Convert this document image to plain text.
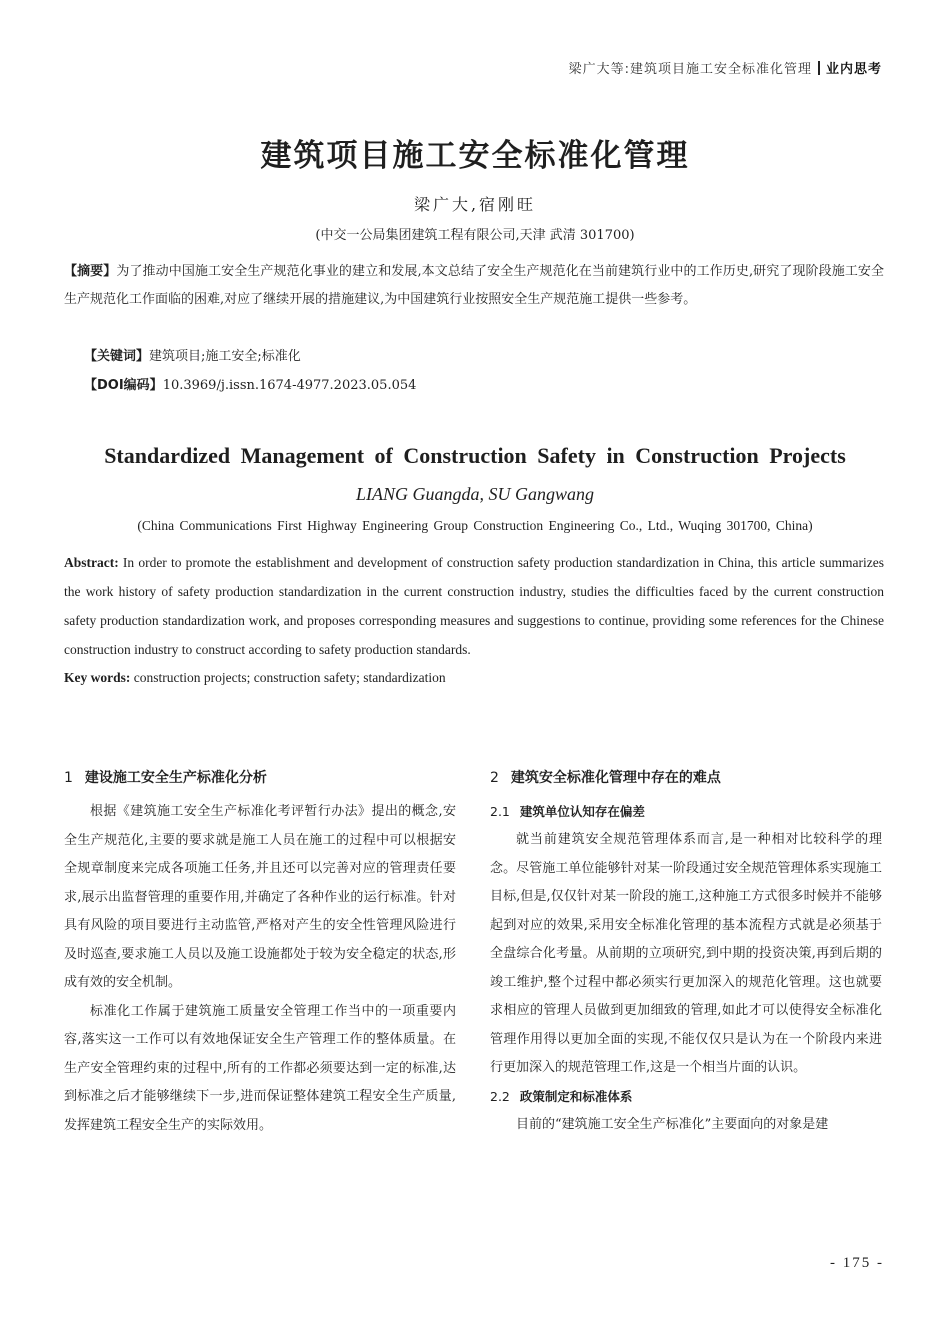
梁广大等:建筑项目施工安全标准化管理 业内思考
建筑项目施工安全标准化管理
梁广大,宿刚旺
(中交一公局集团建筑工程有限公司,天津 武清 301700)
【摘要】为了推动中国施工安全生产规范化事业的建立和发展,本文总结了安全生产规范化在当前建筑行业中的工作历史,研究了现阶段施工安全生产规范化工作面临的困难,对应了继续开展的措施建议,为中国建筑行业按照安全生产规范施工提供一些参考。
【关键词】建筑项目;施工安全;标准化
【DOI编码】10.3969/j.issn.1674-4977.2023.05.054
Standardized Management of Construction Safety in Construction Projects
LIANG Guangda, SU Gangwang
(China Communications First Highway Engineering Group Construction Engineering Co., Ltd., Wuqing 301700, China)
Abstract: In order to promote the establishment and development of construction safety production standardization in China, this article summarizes the work history of safety production standardization in the current construction industry, studies the difficulties faced by the current construction safety production standardization work, and proposes corresponding measures and suggestions to continue, providing some references for the Chinese construction industry to construct according to safety production standards.
Key words: construction projects; construction safety; standardization
1 建设施工安全生产标准化分析

根据《建筑施工安全生产标准化考评暂行办法》提出的概念,安全生产规范化,主要的要求就是施工人员在施工的过程中可以根据安全规章制度来完成各项施工任务,并且还可以完善对应的管理责任要求,展示出监督管理的重要作用,并确定了各种作业的运行标准。针对具有风险的项目要进行主动监管,严格对产生的安全性管理风险进行及时巡查,要求施工人员以及施工设施都处于较为安全稳定的状态,形成有效的安全机制。

标准化工作属于建筑施工质量安全管理工作当中的一项重要内容,落实这一工作可以有效地保证安全生产管理工作的整体质量。在生产安全管理约束的过程中,所有的工作都必须要达到一定的标准,达到标准之后才能够继续下一步,进而保证整体建筑工程安全生产质量,发挥建筑工程安全生产的实际效用。

2 建筑安全标准化管理中存在的难点
2.1 建筑单位认知存在偏差

就当前建筑安全规范管理体系而言,是一种相对比较科学的理念。尽管施工单位能够针对某一阶段通过安全规范管理体系实现施工目标,但是,仅仅针对某一阶段的施工,这种施工方式很多时候并不能够起到对应的效果,采用安全标准化管理的基本流程方式就是必须基于全盘综合化考量。从前期的立项研究,到中期的投资决策,再到后期的竣工维护,整个过程中都必须实行更加深入的规范化管理。这也就要求相应的管理人员做到更加细致的管理,如此才可以使得安全标准化管理作用得以更加全面的实现,不能仅仅只是认为在一个阶段内来进行更加深入的规范管理工作,这是一个相当片面的认识。

2.2 政策制定和标准体系

目前的“建筑施工安全生产标准化”主要面向的对象是建

- 175 -
